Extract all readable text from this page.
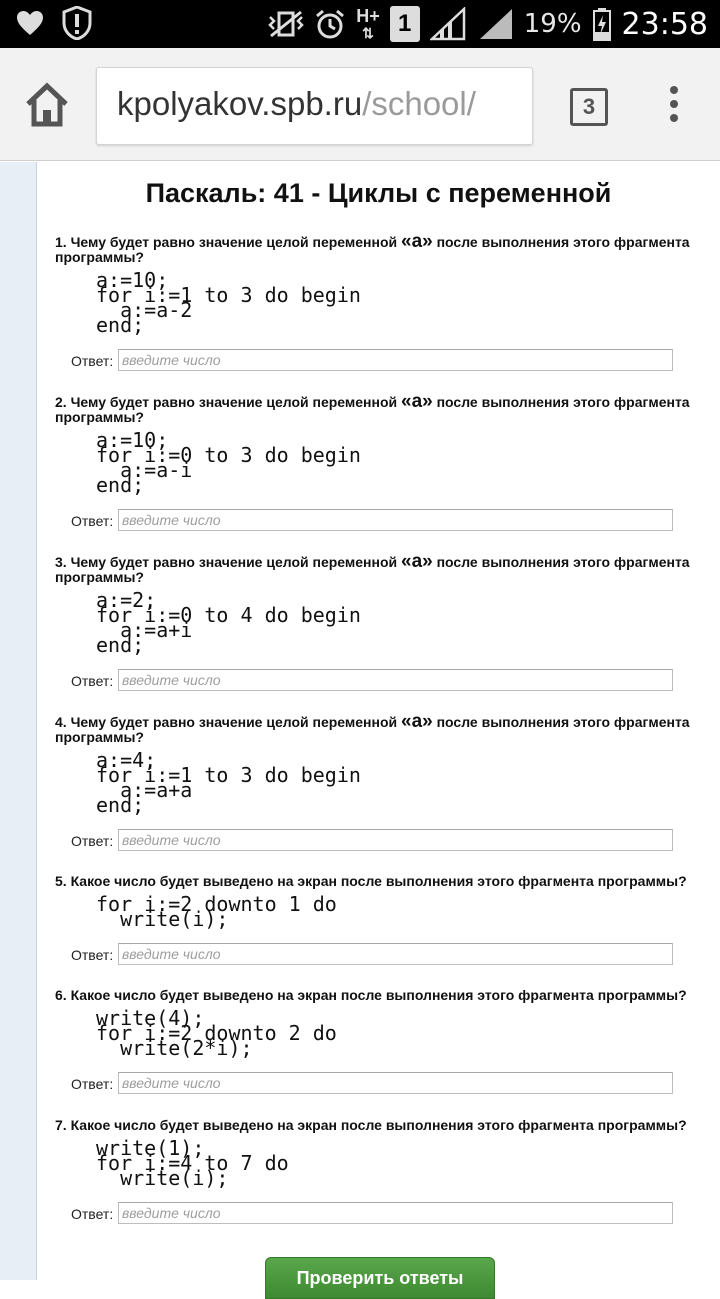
H+
⇅	1	19% 23:58
kpolyakov.spb.ru/school/	3
Паскаль: 41 - Циклы с переменной
1. Чему будет равно значение целой переменной «a» после выполнения этого фрагмента программы?
a:=10;
for i:=1 to 3 do begin
a:=a-2
end;
Ответ:
введите число
2. Чему будет равно значение целой переменной «a» после выполнения этого фрагмента программы?
a:=10;
for i:=0 to 3 do begin
a:=a-i
end;
Ответ:
введите число
3. Чему будет равно значение целой переменной «a» после выполнения этого фрагмента программы?
a:=2;
for i:=0 to 4 do begin
a:=a+i
end;
Ответ:
введите число
4. Чему будет равно значение целой переменной «a» после выполнения этого фрагмента программы?
a:=4;
for i:=1 to 3 do begin
a:=a+a
end;
Ответ:
введите число
5. Какое число будет выведено на экран после выполнения этого фрагмента программы?
for i:=2 downto 1 do
write(i);
Ответ:
введите число
6. Какое число будет выведено на экран после выполнения этого фрагмента программы?
write(4);
for i:=2 downto 2 do
write(2*i);
Ответ:
введите число
7. Какое число будет выведено на экран после выполнения этого фрагмента программы?
write(1);
for i:=4 to 7 do
write(i);
Ответ:
введите число
Проверить ответы
